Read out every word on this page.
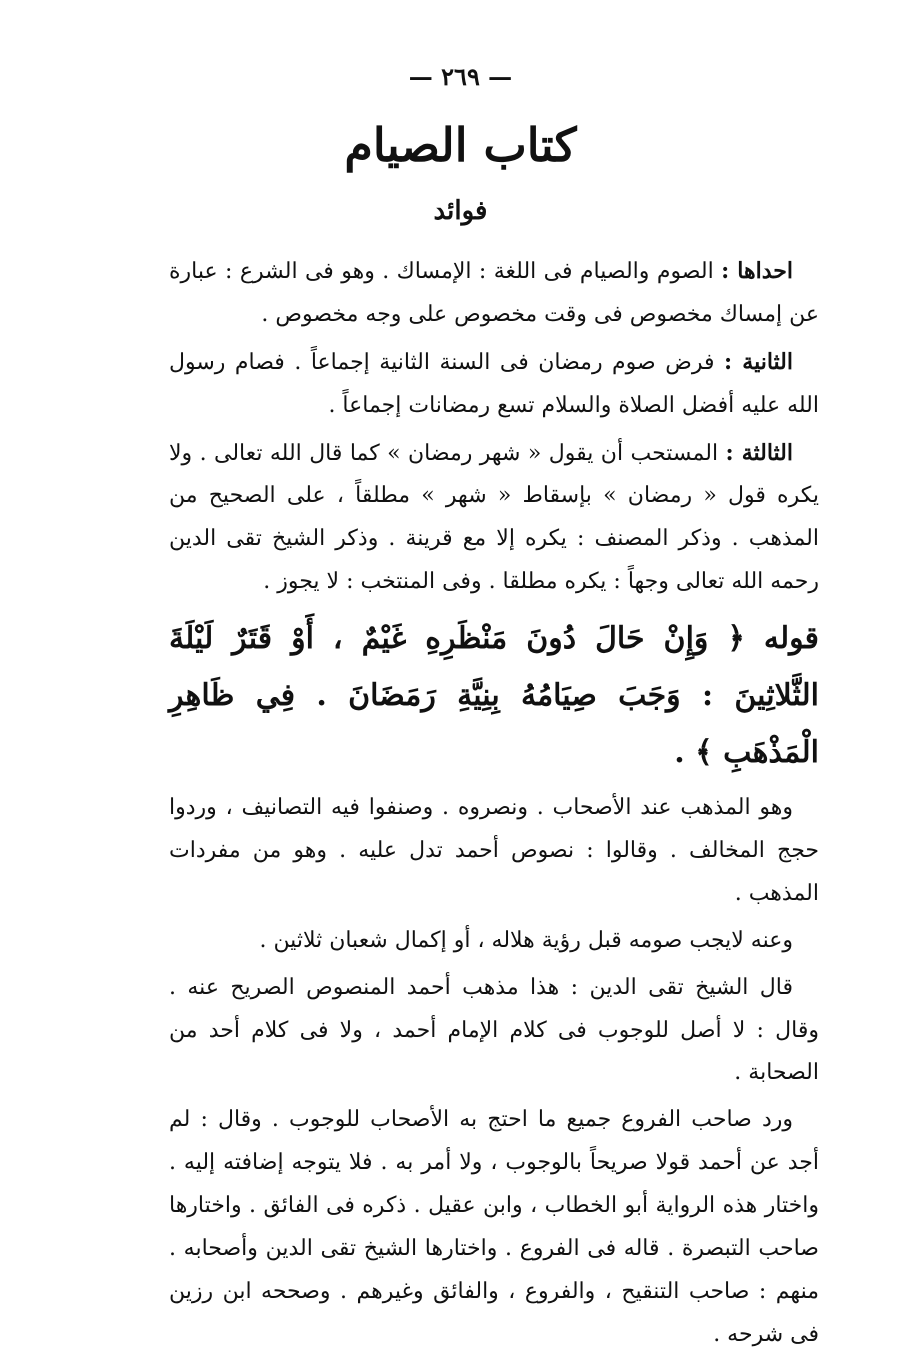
— ٢٦٩ —
كتاب الصيام
فوائد

احداها : الصوم والصيام فى اللغة : الإمساك . وهو فى الشرع : عبارة عن إمساك مخصوص فى وقت مخصوص على وجه مخصوص .

الثانية : فرض صوم رمضان فى السنة الثانية إجماعاً . فصام رسول الله عليه أفضل الصلاة والسلام تسع رمضانات إجماعاً .

الثالثة : المستحب أن يقول « شهر رمضان » كما قال الله تعالى . ولا يكره قول « رمضان » بإسقاط « شهر » مطلقاً ، على الصحيح من المذهب . وذكر المصنف : يكره إلا مع قرينة . وذكر الشيخ تقى الدين رحمه الله تعالى وجهاً : يكره مطلقا . وفى المنتخب : لا يجوز .

قوله ﴿ وَإِنْ حَالَ دُونَ مَنْظَرِهِ غَيْمٌ ، أَوْ قَتَرٌ لَيْلَةَ الثَّلاثِينَ : وَجَبَ صِيَامُهُ بِنِيَّةِ رَمَضَانَ . فِي ظَاهِرِ الْمَذْهَبِ ﴾ .

وهو المذهب عند الأصحاب . ونصروه . وصنفوا فيه التصانيف ، وردوا حجج المخالف . وقالوا : نصوص أحمد تدل عليه . وهو من مفردات المذهب .

وعنه لايجب صومه قبل رؤية هلاله ، أو إكمال شعبان ثلاثين .

قال الشيخ تقى الدين : هذا مذهب أحمد المنصوص الصريح عنه . وقال : لا أصل للوجوب فى كلام الإمام أحمد ، ولا فى كلام أحد من الصحابة .

ورد صاحب الفروع جميع ما احتج به الأصحاب للوجوب . وقال : لم أجد عن أحمد قولا صريحاً بالوجوب ، ولا أمر به . فلا يتوجه إضافته إليه . واختار هذه الرواية أبو الخطاب ، وابن عقيل . ذكره فى الفائق . واختارها صاحب التبصرة . قاله فى الفروع . واختارها الشيخ تقى الدين وأصحابه . منهم : صاحب التنقيح ، والفروع ، والفائق وغيرهم . وصححه ابن رزين فى شرحه .
